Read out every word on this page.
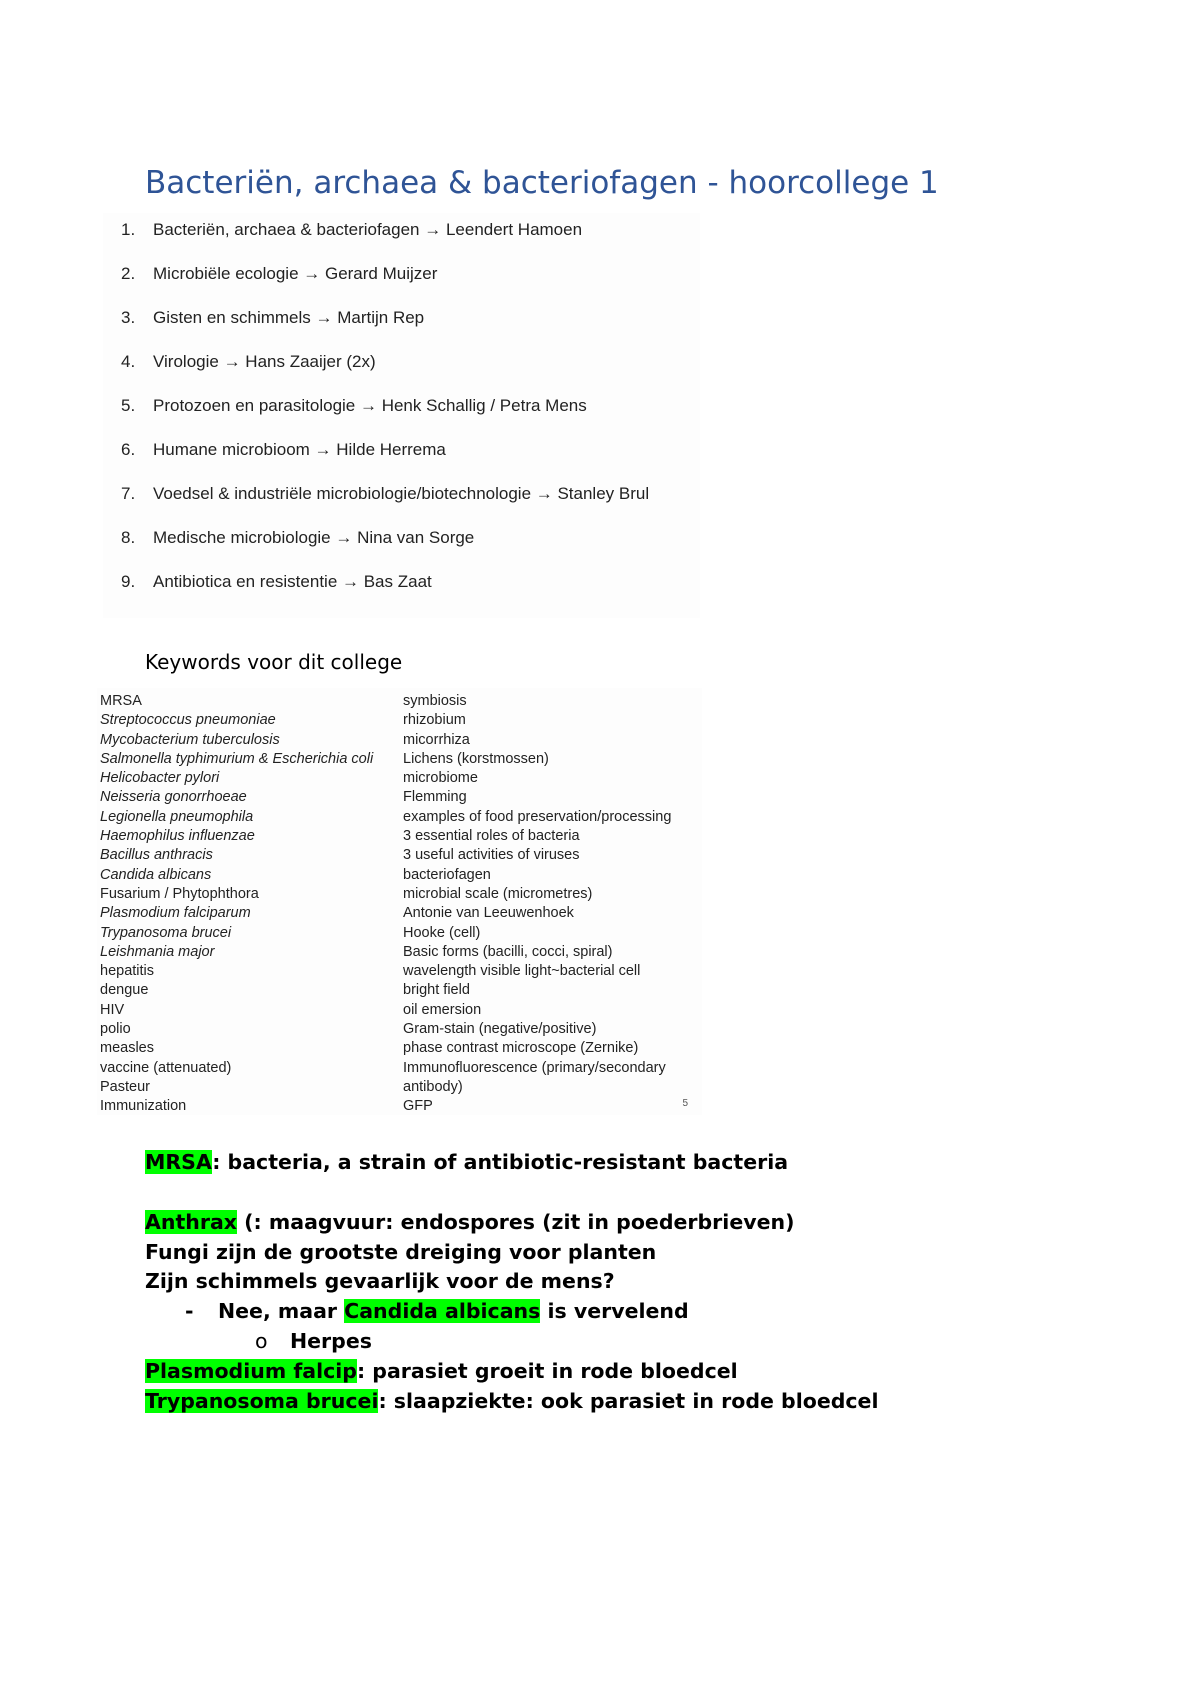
Bacteriën, archaea & bacteriofagen - hoorcollege 1
1.	Bacteriën, archaea & bacteriofagen → Leendert Hamoen
2.	Microbiële ecologie → Gerard Muijzer
3.	Gisten en schimmels → Martijn Rep
4.	Virologie → Hans Zaaijer (2x)
5.	Protozoen en parasitologie → Henk Schallig / Petra Mens
6.	Humane microbioom → Hilde Herrema
7.	Voedsel & industriële microbiologie/biotechnologie → Stanley Brul
8.	Medische microbiologie → Nina van Sorge
9.	Antibiotica en resistentie → Bas Zaat
Keywords voor dit college
MRSA
Streptococcus pneumoniae
Mycobacterium tuberculosis
Salmonella typhimurium & Escherichia coli
Helicobacter pylori
Neisseria gonorrhoeae
Legionella pneumophila
Haemophilus influenzae
Bacillus anthracis
Candida albicans
Fusarium / Phytophthora
Plasmodium falciparum
Trypanosoma brucei
Leishmania major
hepatitis
dengue
HIV
polio
measles
vaccine (attenuated)
Pasteur
Immunization
symbiosis
rhizobium
micorrhiza
Lichens (korstmossen)
microbiome
Flemming
examples of food preservation/processing
3 essential roles of bacteria
3 useful activities of viruses
bacteriofagen
microbial scale (micrometres)
Antonie van Leeuwenhoek
Hooke (cell)
Basic forms (bacilli, cocci, spiral)
wavelength visible light~bacterial cell
bright field
oil emersion
Gram-stain (negative/positive)
phase contrast microscope (Zernike)
Immunofluorescence (primary/secondary
antibody)
GFP	5
MRSA: bacteria, a strain of antibiotic-resistant bacteria
Anthrax (: maagvuur: endospores (zit in poederbrieven)
Fungi zijn de grootste dreiging voor planten
Zijn schimmels gevaarlijk voor de mens?
- Nee, maar Candida albicans is vervelend
o Herpes
Plasmodium falcip: parasiet groeit in rode bloedcel
Trypanosoma brucei: slaapziekte: ook parasiet in rode bloedcel
